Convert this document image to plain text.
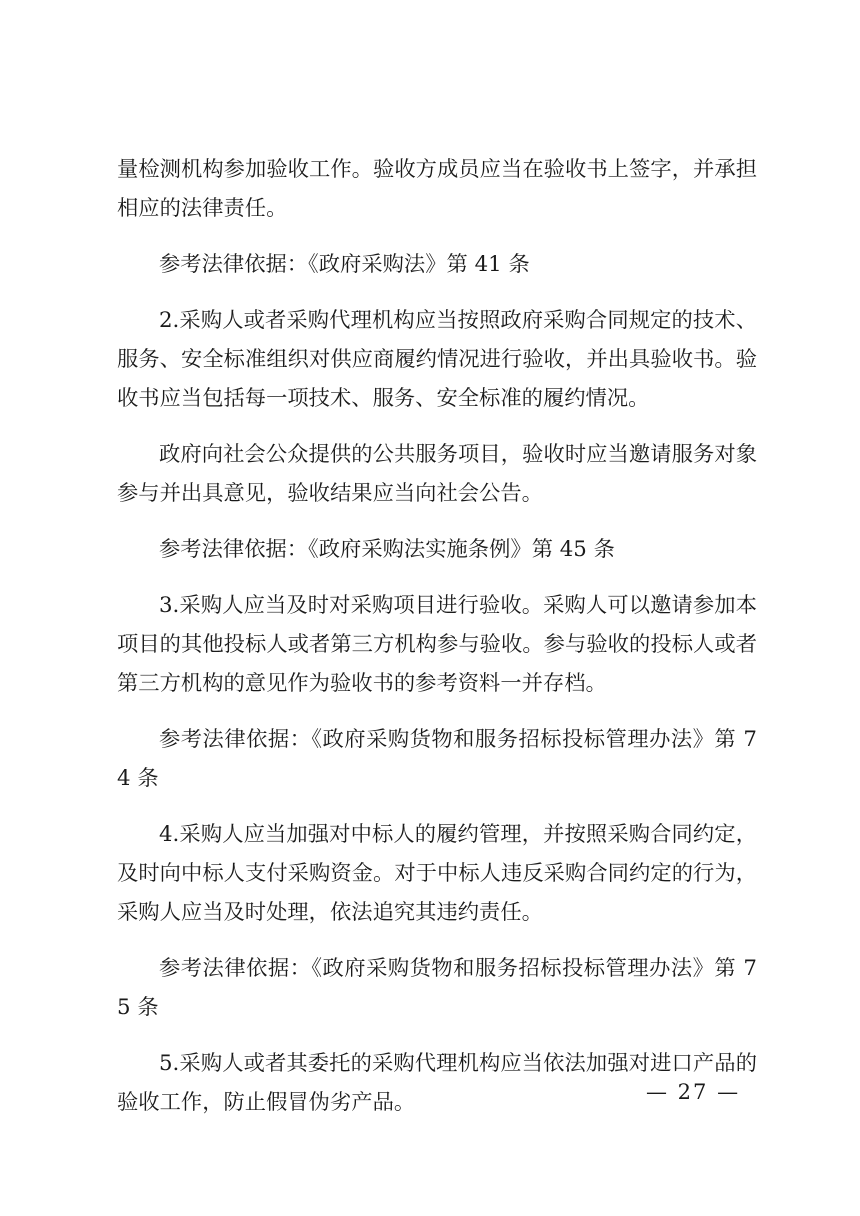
量检测机构参加验收工作。验收方成员应当在验收书上签字，并承担相应的法律责任。

参考法律依据：《政府采购法》第 41 条

2.采购人或者采购代理机构应当按照政府采购合同规定的技术、服务、安全标准组织对供应商履约情况进行验收，并出具验收书。验收书应当包括每一项技术、服务、安全标准的履约情况。

政府向社会公众提供的公共服务项目，验收时应当邀请服务对象参与并出具意见，验收结果应当向社会公告。

参考法律依据：《政府采购法实施条例》第 45 条

3.采购人应当及时对采购项目进行验收。采购人可以邀请参加本项目的其他投标人或者第三方机构参与验收。参与验收的投标人或者第三方机构的意见作为验收书的参考资料一并存档。

参考法律依据：《政府采购货物和服务招标投标管理办法》第 74 条

4.采购人应当加强对中标人的履约管理，并按照采购合同约定，及时向中标人支付采购资金。对于中标人违反采购合同约定的行为，采购人应当及时处理，依法追究其违约责任。

参考法律依据：《政府采购货物和服务招标投标管理办法》第 75 条

5.采购人或者其委托的采购代理机构应当依法加强对进口产品的验收工作，防止假冒伪劣产品。	— 27 —
